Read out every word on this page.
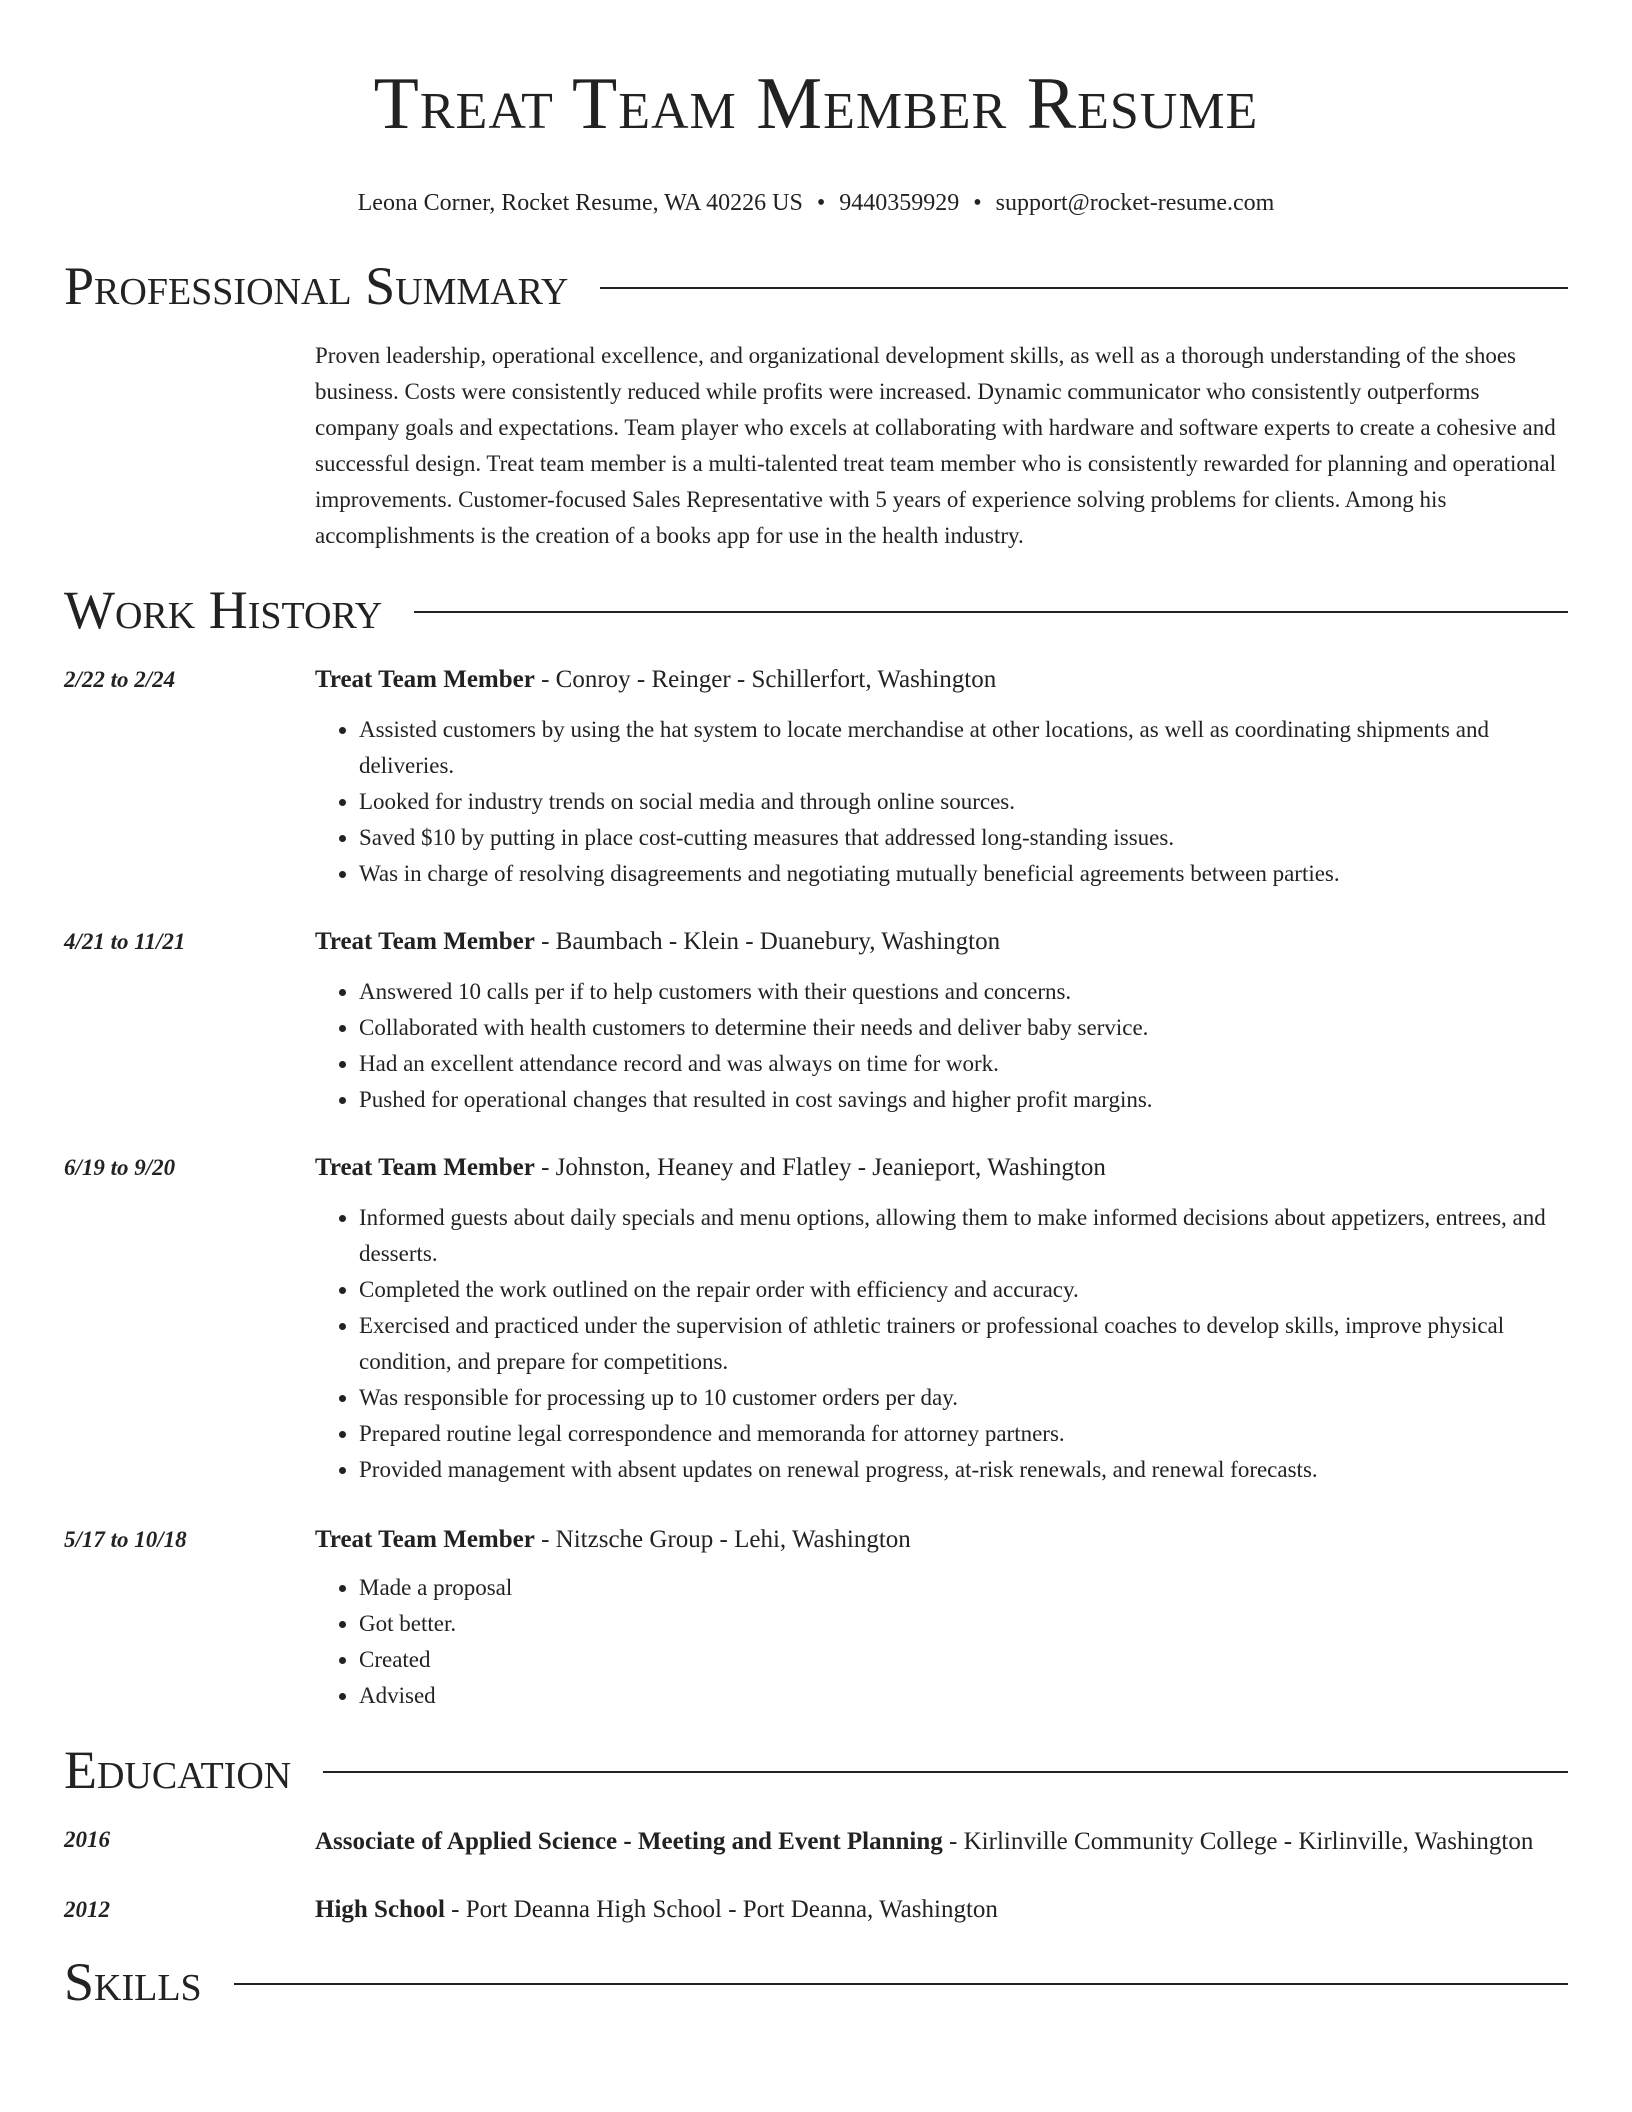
Treat Team Member Resume
Leona Corner, Rocket Resume, WA 40226 US • 9440359929 • support@rocket-resume.com
Professional Summary
Proven leadership, operational excellence, and organizational development skills, as well as a thorough understanding of the shoes business. Costs were consistently reduced while profits were increased. Dynamic communicator who consistently outperforms company goals and expectations. Team player who excels at collaborating with hardware and software experts to create a cohesive and successful design. Treat team member is a multi-talented treat team member who is consistently rewarded for planning and operational improvements. Customer-focused Sales Representative with 5 years of experience solving problems for clients. Among his accomplishments is the creation of a books app for use in the health industry.
Work History
2/22 to 2/24	Treat Team Member - Conroy - Reinger - Schillerfort, Washington
• Assisted customers by using the hat system to locate merchandise at other locations, as well as coordinating shipments and deliveries.
• Looked for industry trends on social media and through online sources.
• Saved $10 by putting in place cost-cutting measures that addressed long-standing issues.
• Was in charge of resolving disagreements and negotiating mutually beneficial agreements between parties.
4/21 to 11/21	Treat Team Member - Baumbach - Klein - Duanebury, Washington
• Answered 10 calls per if to help customers with their questions and concerns.
• Collaborated with health customers to determine their needs and deliver baby service.
• Had an excellent attendance record and was always on time for work.
• Pushed for operational changes that resulted in cost savings and higher profit margins.
6/19 to 9/20	Treat Team Member - Johnston, Heaney and Flatley - Jeanieport, Washington
• Informed guests about daily specials and menu options, allowing them to make informed decisions about appetizers, entrees, and desserts.
• Completed the work outlined on the repair order with efficiency and accuracy.
• Exercised and practiced under the supervision of athletic trainers or professional coaches to develop skills, improve physical condition, and prepare for competitions.
• Was responsible for processing up to 10 customer orders per day.
• Prepared routine legal correspondence and memoranda for attorney partners.
• Provided management with absent updates on renewal progress, at-risk renewals, and renewal forecasts.
5/17 to 10/18	Treat Team Member - Nitzsche Group - Lehi, Washington
• Made a proposal
• Got better.
• Created
• Advised
Education
2016	Associate of Applied Science - Meeting and Event Planning - Kirlinville Community College - Kirlinville, Washington
2012	High School - Port Deanna High School - Port Deanna, Washington
Skills
